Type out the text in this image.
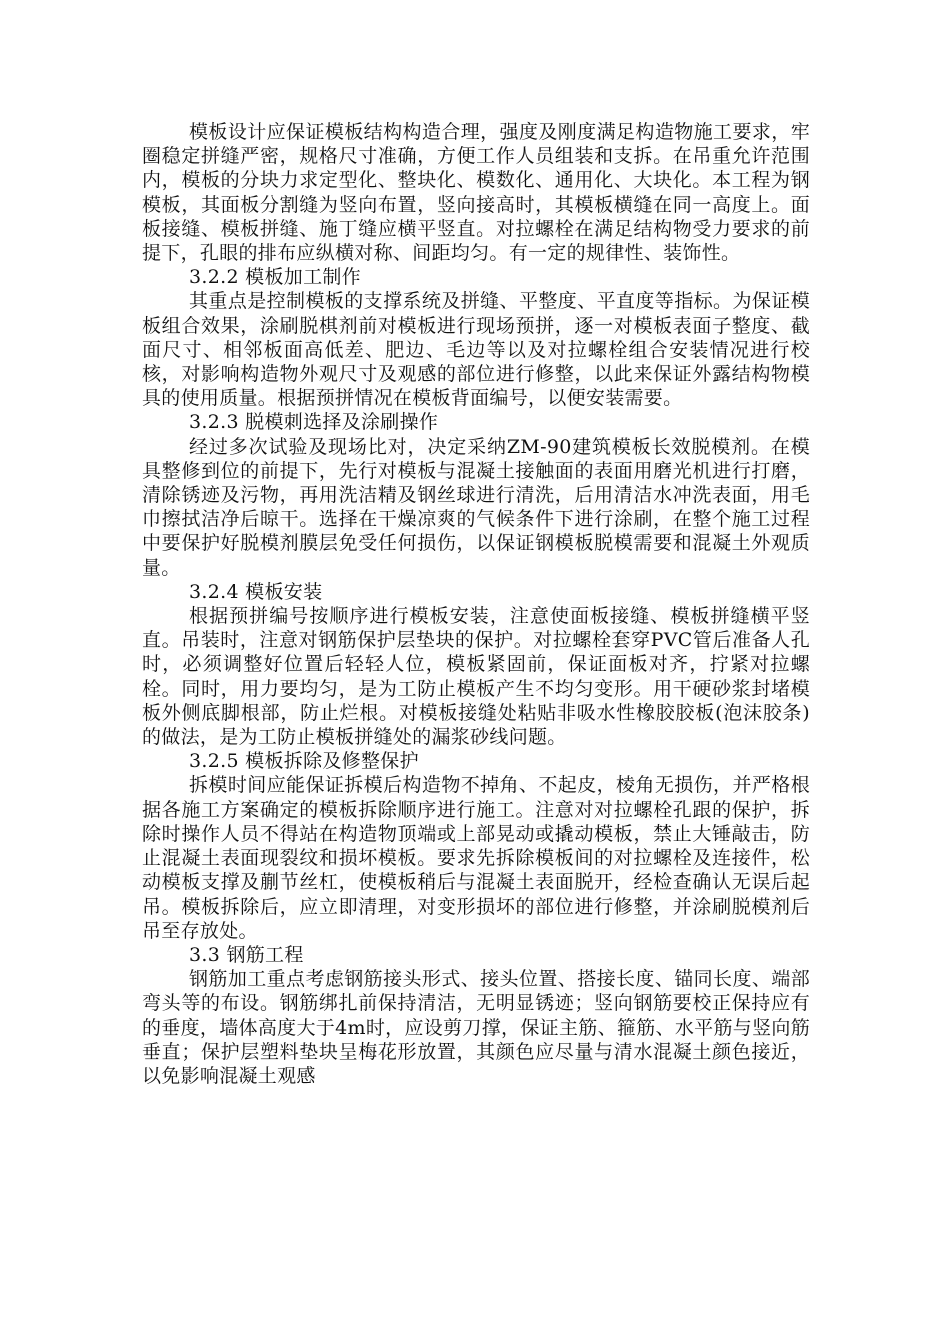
模板设计应保证模板结构构造合理，强度及刚度满足构造物施工要求，牢圈稳定拼缝严密，规格尺寸准确，方便工作人员组装和支拆。在吊重允许范围内，模板的分块力求定型化、整块化、模数化、通用化、大块化。本工程为钢模板，其面板分割缝为竖向布置，竖向接高时，其模板横缝在同一高度上。面板接缝、模板拼缝、施丁缝应横平竖直。对拉螺栓在满足结构物受力要求的前提下，孔眼的排布应纵横对称、间距均匀。有一定的规律性、装饰性。

3.2.2 模板加工制作

其重点是控制模板的支撑系统及拼缝、平整度、平直度等指标。为保证模板组合效果，涂刷脱棋剂前对模板进行现场预拼，逐一对模板表面子整度、截面尺寸、相邻板面高低差、肥边、毛边等以及对拉螺栓组合安装情况进行校核，对影响构造物外观尺寸及观感的部位进行修整，以此来保证外露结构物模具的使用质量。根据预拼情况在模板背面编号，以便安装需要。

3.2.3 脱模刺选择及涂刷操作

经过多次试验及现场比对，决定采纳ZM-90建筑模板长效脱模剂。在模具整修到位的前提下，先行对模板与混凝土接触面的表面用磨光机进行打磨，清除锈迹及污物，再用洗洁精及钢丝球进行清洗，后用清洁水冲洗表面，用毛巾擦拭洁净后晾干。选择在干燥凉爽的气候条件下进行涂刷，在整个施工过程中要保护好脱模剂膜层免受任何损伤，以保证钢模板脱模需要和混凝土外观质量。

3.2.4 模板安装

根据预拼编号按顺序进行模板安装，注意使面板接缝、模板拼缝横平竖直。吊装时，注意对钢筋保护层垫块的保护。对拉螺栓套穿PVC管后准备人孔时，必须调整好位置后轻轻人位，模板紧固前，保证面板对齐，拧紧对拉螺栓。同时，用力要均匀，是为工防止模板产生不均匀变形。用干硬砂浆封堵模板外侧底脚根部，防止烂根。对模板接缝处粘贴非吸水性橡胶胶板(泡沫胶条)的做法，是为工防止模板拼缝处的漏浆砂线问题。

3.2.5 模板拆除及修整保护

拆模时间应能保证拆模后构造物不掉角、不起皮，棱角无损伤，并严格根据各施工方案确定的模板拆除顺序进行施工。注意对对拉螺栓孔跟的保护，拆除时操作人员不得站在构造物顶端或上部晃动或撬动模板，禁止大锤敲击，防止混凝土表面现裂纹和损坏模板。要求先拆除模板间的对拉螺栓及连接件，松动模板支撑及蒯节丝杠，使模板稍后与混凝土表面脱开，经检查确认无误后起吊。模板拆除后，应立即清理，对变形损坏的部位进行修整，并涂刷脱模剂后吊至存放处。

3.3 钢筋工程

钢筋加工重点考虑钢筋接头形式、接头位置、搭接长度、锚同长度、端部弯头等的布设。钢筋绑扎前保持清洁，无明显锈迹；竖向钢筋要校正保持应有的垂度，墙体高度大于4m时，应设剪刀撑，保证主筋、箍筋、水平筋与竖向筋垂直；保护层塑料垫块呈梅花形放置，其颜色应尽量与清水混凝土颜色接近，以免影响混凝土观感
